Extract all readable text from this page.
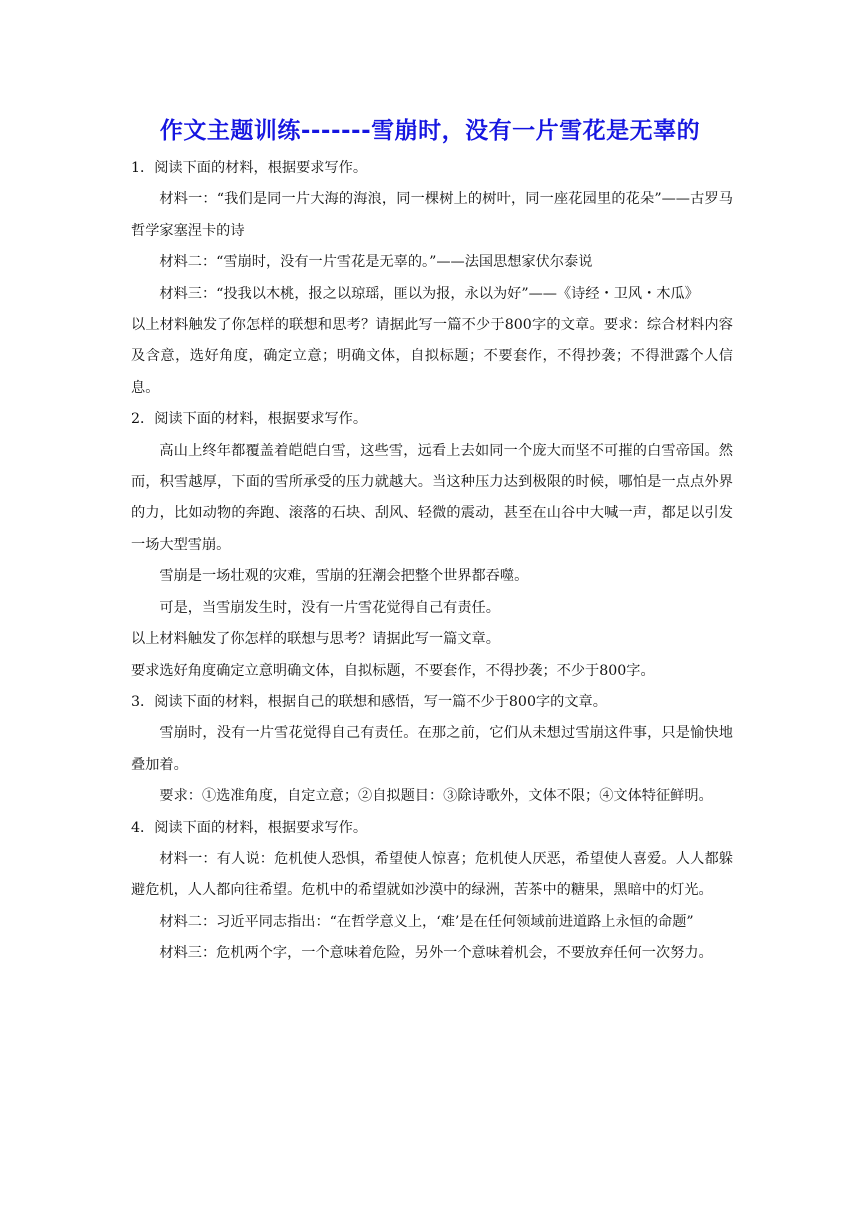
作文主题训练-------雪崩时，没有一片雪花是无辜的

1．阅读下面的材料，根据要求写作。

材料一：“我们是同一片大海的海浪，同一棵树上的树叶，同一座花园里的花朵”——古罗马哲学家塞涅卡的诗

材料二：“雪崩时，没有一片雪花是无辜的。”——法国思想家伏尔泰说

材料三：“投我以木桃，报之以琼瑶，匪以为报，永以为好”——《诗经・卫风・木瓜》

以上材料触发了你怎样的联想和思考？请据此写一篇不少于800字的文章。要求：综合材料内容及含意，选好角度，确定立意；明确文体，自拟标题；不要套作，不得抄袭；不得泄露个人信息。

2．阅读下面的材料，根据要求写作。

高山上终年都覆盖着皑皑白雪，这些雪，远看上去如同一个庞大而坚不可摧的白雪帝国。然而，积雪越厚，下面的雪所承受的压力就越大。当这种压力达到极限的时候，哪怕是一点点外界的力，比如动物的奔跑、滚落的石块、刮风、轻微的震动，甚至在山谷中大喊一声，都足以引发一场大型雪崩。

雪崩是一场壮观的灾难，雪崩的狂潮会把整个世界都吞噬。

可是，当雪崩发生时，没有一片雪花觉得自己有责任。

以上材料触发了你怎样的联想与思考？请据此写一篇文章。

要求选好角度确定立意明确文体，自拟标题，不要套作，不得抄袭；不少于800字。

3．阅读下面的材料，根据自己的联想和感悟，写一篇不少于800字的文章。

雪崩时，没有一片雪花觉得自己有责任。在那之前，它们从未想过雪崩这件事，只是愉快地叠加着。

要求：①选准角度，自定立意；②自拟题目：③除诗歌外，文体不限；④文体特征鲜明。

4．阅读下面的材料，根据要求写作。

材料一：有人说：危机使人恐惧，希望使人惊喜；危机使人厌恶，希望使人喜爱。人人都躲避危机，人人都向往希望。危机中的希望就如沙漠中的绿洲，苦茶中的糖果，黑暗中的灯光。

材料二：习近平同志指出：“在哲学意义上，‘难’是在任何领域前进道路上永恒的命题”

材料三：危机两个字，一个意味着危险，另外一个意味着机会，不要放弃任何一次努力。
